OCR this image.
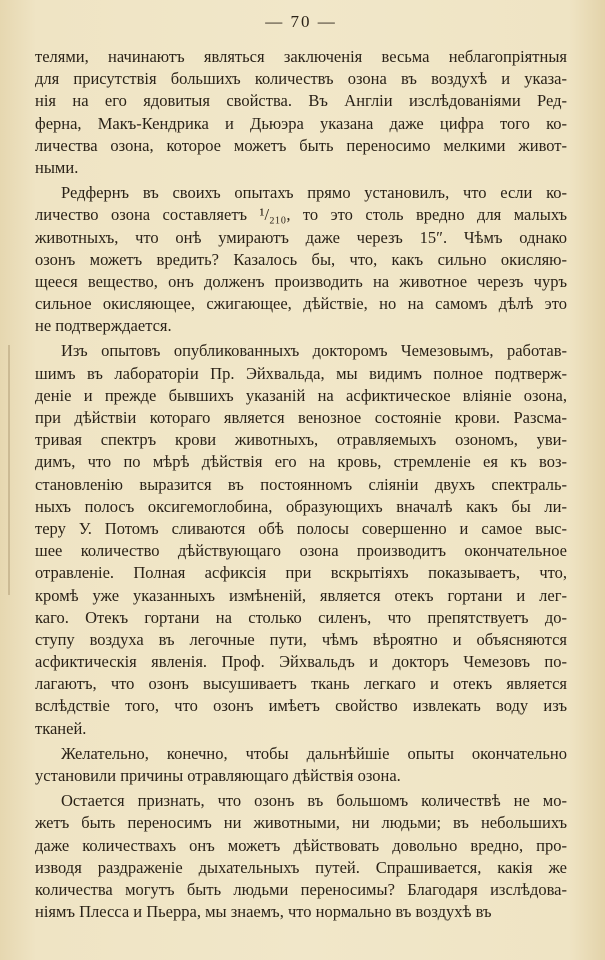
— 70 —
телями, начинаютъ являться заключенія весьма неблагопріятныя
для присутствія большихъ количествъ озона въ воздухѣ и указа-
нія на его ядовитыя свойства. Въ Англіи изслѣдованіями Ред-
ферна, Макъ-Кендрика и Дьюэра указана даже цифра того ко-
личества озона, которое можетъ быть переносимо мелкими живот-
ными.
Редфернъ въ своихъ опытахъ прямо установилъ, что если ко-
личество озона составляетъ ¹/₂₁₀, то это столь вредно для малыхъ
животныхъ, что онѣ умираютъ даже черезъ 15″. Чѣмъ однако
озонъ можетъ вредить? Казалось бы, что, какъ сильно окисляю-
щееся вещество, онъ долженъ производить на животное черезъ чуръ
сильное окисляющее, сжигающее, дѣйствіе, но на самомъ дѣлѣ это
не подтверждается.
Изъ опытовъ опубликованныхъ докторомъ Чемезовымъ, работав-
шимъ въ лабораторіи Пр. Эйхвальда, мы видимъ полное подтверж-
деніе и прежде бывшихъ указаній на асфиктическое вліяніе озона,
при дѣйствіи котораго является венозное состояніе крови. Разсма-
тривая спектръ крови животныхъ, отравляемыхъ озономъ, уви-
димъ, что по мѣрѣ дѣйствія его на кровь, стремленіе ея къ воз-
становленію выразится въ постоянномъ сліяніи двухъ спектраль-
ныхъ полосъ оксигемоглобина, образующихъ вначалѣ какъ бы ли-
теру У. Потомъ сливаются обѣ полосы совершенно и самое выс-
шее количество дѣйствующаго озона производитъ окончательное
отравленіе. Полная асфиксія при вскрытіяхъ показываетъ, что,
кромѣ уже указанныхъ измѣненій, является отекъ гортани и лег-
каго. Отекъ гортани на столько силенъ, что препятствуетъ до-
ступу воздуха въ легочные пути, чѣмъ вѣроятно и объясняются
асфиктическія явленія. Проф. Эйхвальдъ и докторъ Чемезовъ по-
лагаютъ, что озонъ высушиваетъ ткань легкаго и отекъ является
вслѣдствіе того, что озонъ имѣетъ свойство извлекать воду изъ
тканей.
Желательно, конечно, чтобы дальнѣйшіе опыты окончательно
установили причины отравляющаго дѣйствія озона.
Остается признать, что озонъ въ большомъ количествѣ не мо-
жетъ быть переносимъ ни животными, ни людьми; въ небольшихъ
даже количествахъ онъ можетъ дѣйствовать довольно вредно, про-
изводя раздраженіе дыхательныхъ путей. Спрашивается, какія же
количества могутъ быть людьми переносимы? Благодаря изслѣдова-
ніямъ Плесса и Пьерра, мы знаемъ, что нормально въ воздухѣ въ
